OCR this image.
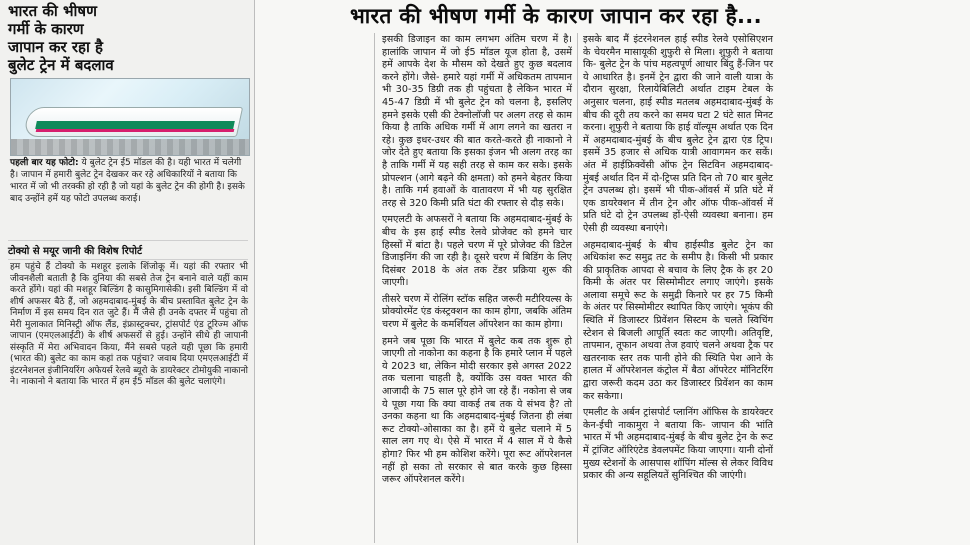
भारत की भीषण
गर्मी के कारण
जापान कर रहा है
बुलेट ट्रेन में बदलाव
पहली बार यह फोटो: ये बुलेट ट्रेन ई5 मॉडल की है। यही भारत में चलेगी है। जापान में हमारी बुलेट ट्रेन देखकर कर रहे अधिकारियों ने बताया कि भारत में जो भी तरक्की हो रही है जो यहां के बुलेट ट्रेन की होगी है। इसके बाद उन्होंने हमें यह फोटो उपलब्ध कराई।
टोक्यो से मयूर जानी की विशेष रिपोर्ट
हम पहुंचे हैं टोक्यो के मशहूर इलाके शिंजोकू में। यहां की रफ्तार भी जीवनशैली बताती है कि दुनिया की सबसे तेज ट्रेन बनाने वाले यहीं काम करते होंगे। यहां की मशहूर बिल्डिंग है कासुमिगासेकी। इसी बिल्डिंग में वो शीर्ष अफसर बैठे हैं, जो अहमदाबाद-मुंबई के बीच प्रस्तावित बुलेट ट्रेन के निर्माण में इस समय दिन रात जुटे हैं। मैं जैसे ही उनके दफ्तर में पहुंचा तो मेरी मुलाकात मिनिस्ट्री ऑफ लैंड, इंफ्रास्ट्रक्चर, ट्रांसपोर्ट एंड टूरिज्म ऑफ जापान (एमएलआईटी) के शीर्ष अफसरों से हुई। उन्होंने सीधे ही जापानी संस्कृति में मेरा अभिवादन किया, मैंने सबसे पहले यही पूछा कि हमारी (भारत की) बुलेट का काम कहां तक पहुंचा? जवाब दिया एमएलआईटी में इंटरनेशनल इंजीनियरिंग अफेयर्स रेलवे ब्यूरो के डायरेक्टर टोमोयुकी नाकानो ने। नाकानो ने बताया कि भारत में हम ई5 मॉडल की बुलेट चलाएंगे।
भारत की भीषण गर्मी के कारण जापान कर रहा है...

इसकी डिजाइन का काम लगभग अंतिम चरण में है। हालांकि जापान में जो ई5 मॉडल यूज होता है, उसमें हमें आपके देश के मौसम को देखते हुए कुछ बदलाव करने होंगे। जैसे- हमारे यहां गर्मी में अधिकतम तापमान भी 30-35 डिग्री तक ही पहुंचता है लेकिन भारत में 45-47 डिग्री में भी बुलेट ट्रेन को चलना है, इसलिए हमने इसके एसी की टेक्नोलॉजी पर अलग तरह से काम किया है ताकि अधिक गर्मी में आग लगने का खतरा न रहे। कुछ इधर-उधर की बात करते-करते ही नाकानो ने जोर देते हुए बताया कि इसका इंजन भी अलग तरह का है ताकि गर्मी में यह सही तरह से काम कर सके। इसके प्रोपल्शन (आगे बढ़ने की क्षमता) को हमने बेहतर किया है। ताकि गर्म हवाओं के वातावरण में भी यह सुरक्षित तरह से 320 किमी प्रति घंटा की रफ्तार से दौड़ सके।

एमएलटी के अफसरों ने बताया कि अहमदाबाद-मुंबई के बीच के इस हाई स्पीड रेलवे प्रोजेक्ट को हमने चार हिस्सों में बांटा है। पहले चरण में पूरे प्रोजेक्ट की डिटेल डिजाइनिंग की जा रही है। दूसरे चरण में बिडिंग के लिए दिसंबर 2018 के अंत तक टेंडर प्रक्रिया शुरू की जाएगी।

तीसरे चरण में रोलिंग स्टॉक सहित जरूरी मटीरियल्स के प्रोक्योरमेंट एंड कंस्ट्रक्शन का काम होगा, जबकि अंतिम चरण में बुलेट के कमर्शियल ऑपरेशन का काम होगा।

हमने जब पूछा कि भारत में बुलेट कब तक शुरू हो जाएगी तो नाकोना का कहना है कि हमारे प्लान में पहले ये 2023 था, लेकिन मोदी सरकार इसे अगस्त 2022 तक चलाना चाहती है, क्योंकि उस वक्त भारत की आजादी के 75 साल पूरे होने जा रहे हैं। नकोना से जब ये पूछा गया कि क्या वाकई तब तक ये संभव है? तो उनका कहना था कि अहमदाबाद-मुंबई जितना ही लंबा रूट टोक्यो-ओसाका का है। हमें ये बुलेट चलाने में 5 साल लग गए थे। ऐसे में भारत में 4 साल में ये कैसे होगा? फिर भी हम कोशिश करेंगे। पूरा रूट ऑपरेशनल नहीं हो सका तो सरकार से बात करके कुछ हिस्सा जरूर ऑपरेशनल करेंगे।

इसके बाद मैं इंटरनेशनल हाई स्पीड रेलवे एसोसिएशन के चेयरमैन मासायूकी शुफुरी से मिला। शुफुरी ने बताया कि- बुलेट ट्रेन के पांच महत्वपूर्ण आधार बिंदु हैं-जिन पर ये आधारित है। इनमें ट्रेन द्वारा की जाने वाली यात्रा के दौरान सुरक्षा, रिलायेबिलिटी अर्थात टाइम टेबल के अनुसार चलना, हाई स्पीड मतलब अहमदाबाद-मुंबई के बीच की दूरी तय करने का समय घटा 2 घंटे सात मिनट करना। शुफुरी ने बताया कि हाई वॉल्यूम अर्थात एक दिन में अहमदाबाद-मुंबई के बीच बुलेट ट्रेन द्वारा एंड ट्रिप। इसमें 35 हजार से अधिक यात्री आवागमन कर सकें। अंत में हाईफ्रिक्वेंसी ऑफ ट्रेन सिटविन अहमदाबाद-मुंबई अर्थात दिन में दो-ट्रिप्स प्रति दिन तो 70 बार बुलेट ट्रेन उपलब्ध हो। इसमें भी पीक-ऑवर्स में प्रति घंटे में एक डायरेक्शन में तीन ट्रेन और ऑफ पीक-ऑवर्स में प्रति घंटे दो ट्रेन उपलब्ध हों-ऐसी व्यवस्था बनाना। हम ऐसी ही व्यवस्था बनाएंगे।

अहमदाबाद-मुंबई के बीच हाईस्पीड बुलेट ट्रेन का अधिकांश रूट समुद्र तट के समीप है। किसी भी प्रकार की प्राकृतिक आपदा से बचाव के लिए ट्रैक के हर 20 किमी के अंतर पर सिस्मोमीटर लगाए जाएंगे। इसके अलावा समूचे रूट के समुद्री किनारे पर हर 75 किमी के अंतर पर सिस्मोमीटर स्थापित किए जाएंगे। भूकंप की स्थिति में डिजास्टर प्रिवेंशन सिस्टम के चलते स्विचिंग स्टेशन से बिजली आपूर्ति स्वतः कट जाएगी। अतिवृष्टि, तापमान, तूफान अथवा तेज हवाएं चलने अथवा ट्रैक पर खतरनाक स्तर तक पानी होने की स्थिति पेश आने के हालत में ऑपरेशनल कंट्रोल में बैठा ऑपरेटर मॉनिटरिंग द्वारा जरूरी कदम उठा कर डिजास्टर प्रिवेंशन का काम कर सकेगा।

एमलीट के अर्बन ट्रांसपोर्ट प्लानिंग ऑफिस के डायरेक्टर केन-ईची नाकामुरा ने बताया कि- जापान की भांति भारत में भी अहमदाबाद-मुंबई के बीच बुलेट ट्रेन के रूट में ट्रांजिट ऑरिएंटेड डेवलपमेंट किया जाएगा। यानी दोनों मुख्य स्टेशनों के आसपास शॉपिंग मॉल्स से लेकर विविध प्रकार की अन्य सहूलियतें सुनिश्चित की जाएंगी।
